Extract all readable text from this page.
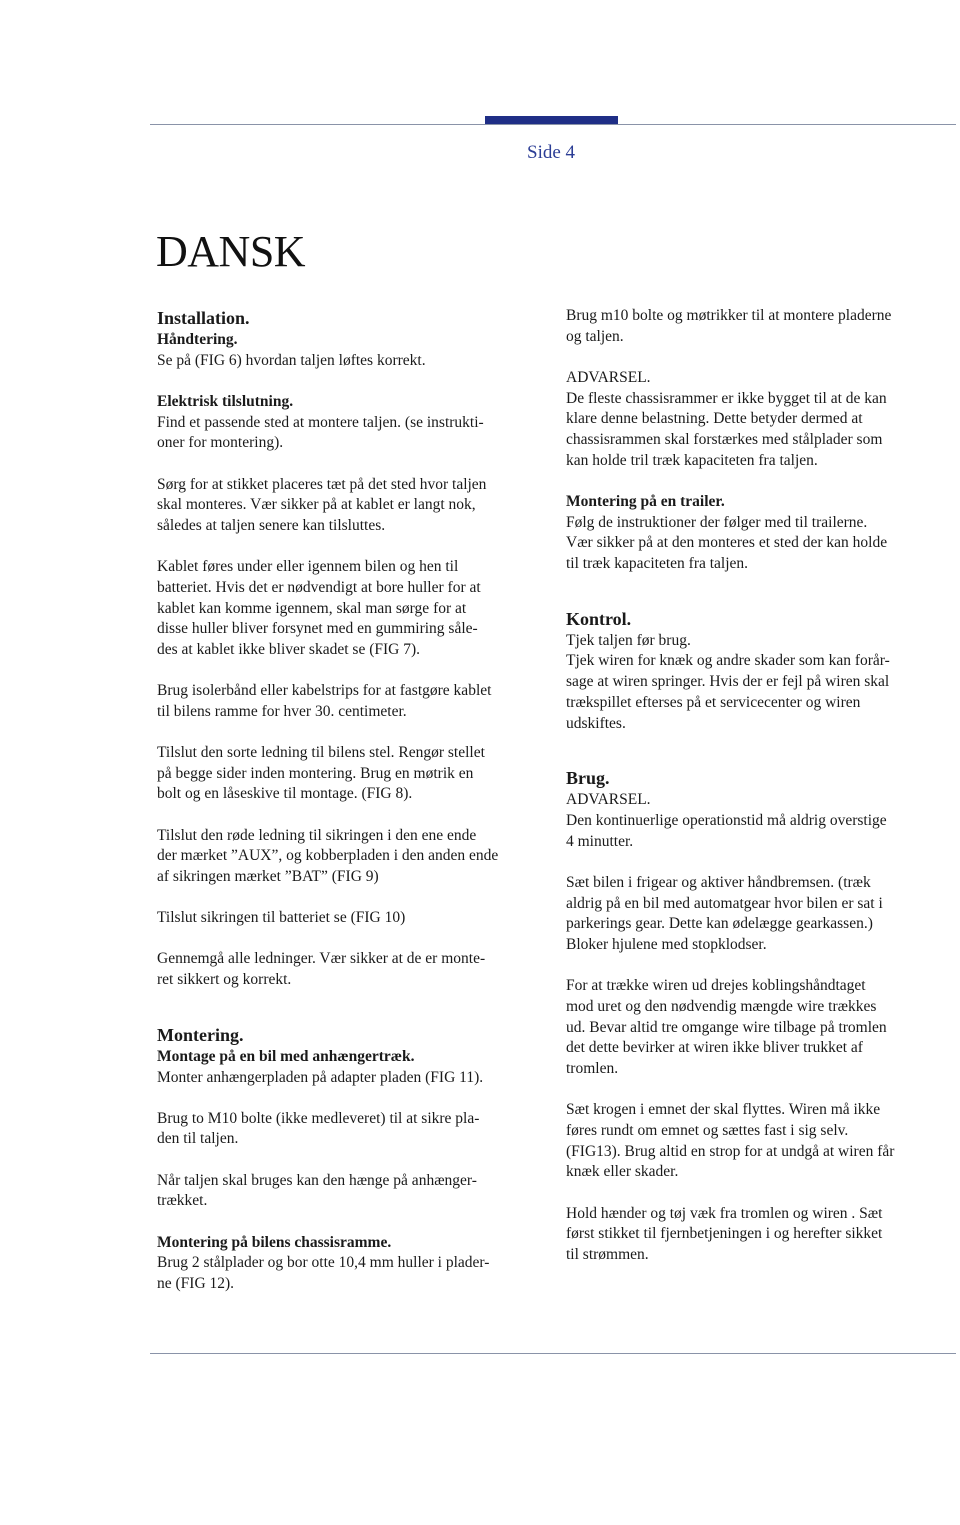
Side 4
DANSK

Installation.

Håndtering.

Se på (FIG 6) hvordan taljen løftes korrekt.

Elektrisk tilslutning.

Find et passende sted at montere taljen. (se instrukti-

oner for montering).

Sørg for at stikket placeres tæt på det sted hvor taljen

skal monteres. Vær sikker på at kablet er langt nok,

således at taljen senere kan tilsluttes.

Kablet føres under eller igennem bilen og hen til

batteriet. Hvis det er nødvendigt at bore huller for at

kablet kan komme igennem, skal man sørge for at

disse huller bliver forsynet med en gummiring såle-

des at kablet ikke bliver skadet se (FIG 7).

Brug isolerbånd eller kabelstrips for at fastgøre kablet

til bilens ramme for hver 30. centimeter.

Tilslut den sorte ledning til bilens stel. Rengør stellet

på begge sider inden montering. Brug en møtrik en

bolt og en låseskive til montage. (FIG 8).

Tilslut den røde ledning til sikringen i den ene ende

der mærket ”AUX”, og kobberpladen i den anden ende

af sikringen mærket ”BAT” (FIG 9)

Tilslut sikringen til batteriet se (FIG 10)

Gennemgå alle ledninger. Vær sikker at de er monte-

ret sikkert og korrekt.

Montering.

Montage på en bil med anhængertræk.

Monter anhængerpladen på adapter pladen (FIG 11).

Brug to M10 bolte (ikke medleveret) til at sikre pla-

den til taljen.

Når taljen skal bruges kan den hænge på anhænger-

trækket.

Montering på bilens chassisramme.

Brug 2 stålplader og bor otte 10,4 mm huller i plader-

ne (FIG 12).

Brug m10 bolte og møtrikker til at montere pladerne

og taljen.

ADVARSEL.

De fleste chassisrammer er ikke bygget til at de kan

klare denne belastning. Dette betyder dermed at

chassisrammen skal forstærkes med stålplader som

kan holde tril træk kapaciteten fra taljen.

Montering på en trailer.

Følg de instruktioner der følger med til trailerne.

Vær sikker på at den monteres et sted der kan holde

til træk kapaciteten fra taljen.

Kontrol.

Tjek taljen før brug.

Tjek wiren for knæk og andre skader som kan forår-

sage at wiren springer. Hvis der er fejl på wiren skal

trækspillet efterses på et servicecenter og wiren

udskiftes.

Brug.

ADVARSEL.

Den kontinuerlige operationstid må aldrig overstige

4 minutter.

Sæt bilen i frigear og aktiver håndbremsen. (træk

aldrig på en bil med automatgear hvor bilen er sat i

parkerings gear. Dette kan ødelægge gearkassen.)

Bloker hjulene med stopklodser.

For at trække wiren ud drejes koblingshåndtaget

mod uret og den nødvendig mængde wire trækkes

ud. Bevar altid tre omgange wire tilbage på tromlen

det dette bevirker at wiren ikke bliver trukket af

tromlen.

Sæt krogen i emnet der skal flyttes. Wiren må ikke

føres rundt om emnet og sættes fast i sig selv.

(FIG13). Brug altid en strop for at undgå at wiren får

knæk eller skader.

Hold hænder og tøj væk fra tromlen og wiren . Sæt

først stikket til fjernbetjeningen i og herefter sikket

til strømmen.
